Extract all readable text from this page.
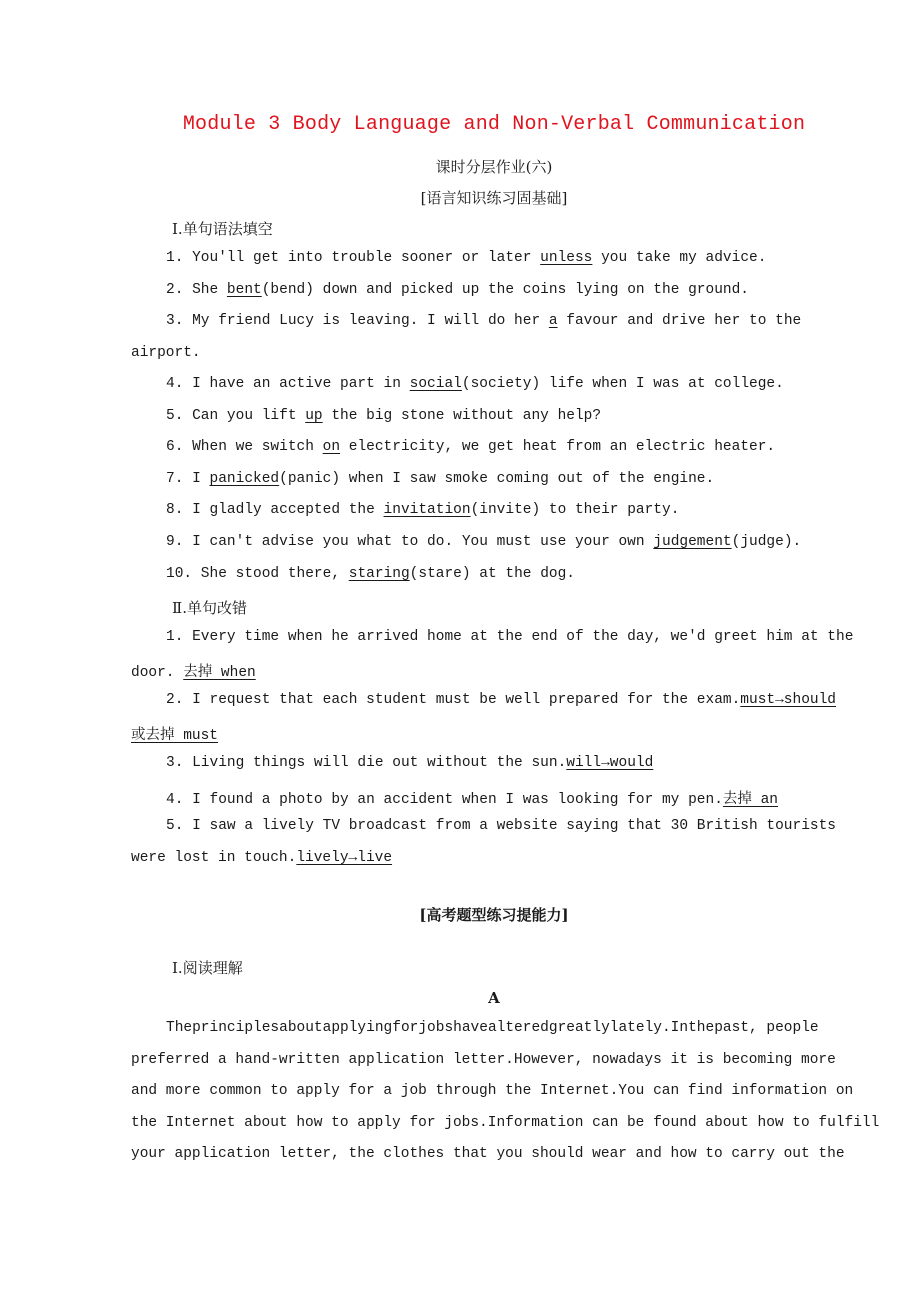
Module 3 Body Language and Non-Verbal Communication
课时分层作业(六)
[语言知识练习固基础]
Ⅰ.单句语法填空
1. You'll get into trouble sooner or later unless you take my advice.
2. She bent(bend) down and picked up the coins lying on the ground.
3. My friend Lucy is leaving. I will do her a favour and drive her to the
airport.
4. I have an active part in social(society) life when I was at college.
5. Can you lift up the big stone without any help?
6. When we switch on electricity, we get heat from an electric heater.
7. I panicked(panic) when I saw smoke coming out of the engine.
8. I gladly accepted the invitation(invite) to their party.
9. I can't advise you what to do. You must use your own judgement(judge).
10. She stood there, staring(stare) at the dog.
Ⅱ.单句改错
1. Every time when he arrived home at the end of the day, we'd greet him at the
door. 去掉 when
2. I request that each student must be well prepared for the exam.must→should
或去掉 must
3. Living things will die out without the sun.will→would
4. I found a photo by an accident when I was looking for my pen.去掉 an
5. I saw a lively TV broadcast from a website saying that 30 British tourists
were lost in touch.lively→live
[高考题型练习提能力]
Ⅰ.阅读理解
A
Theprinciplesaboutapplyingforjobshavealteredgreatlylately.Inthepast, people
preferred a hand-written application letter.However, nowadays it is becoming more
and more common to apply for a job through the Internet.You can find information on
the Internet about how to apply for jobs.Information can be found about how to fulfill
your application letter, the clothes that you should wear and how to carry out the
